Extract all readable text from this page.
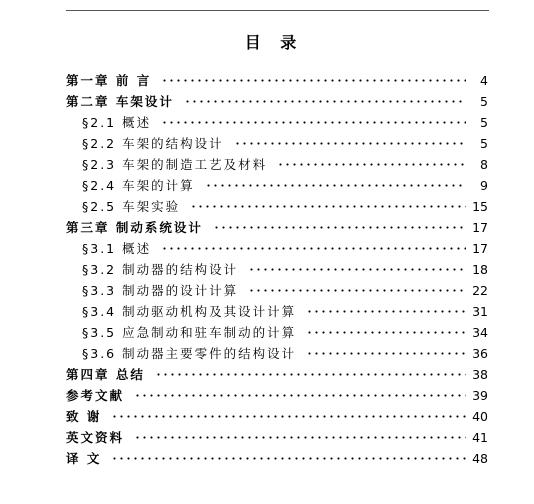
目 录
第一章 前 言	4
第二章 车架设计	5
§2.1 概述	5
§2.2 车架的结构设计	5
§2.3 车架的制造工艺及材料	8
§2.4 车架的计算	9
§2.5 车架实验	15
第三章 制动系统设计	17
§3.1 概述	17
§3.2 制动器的结构设计	18
§3.3 制动器的设计计算	22
§3.4 制动驱动机构及其设计计算	31
§3.5 应急制动和驻车制动的计算	34
§3.6 制动器主要零件的结构设计	36
第四章 总结	38
参考文献	39
致 谢	40
英文资料	41
译 文	48
